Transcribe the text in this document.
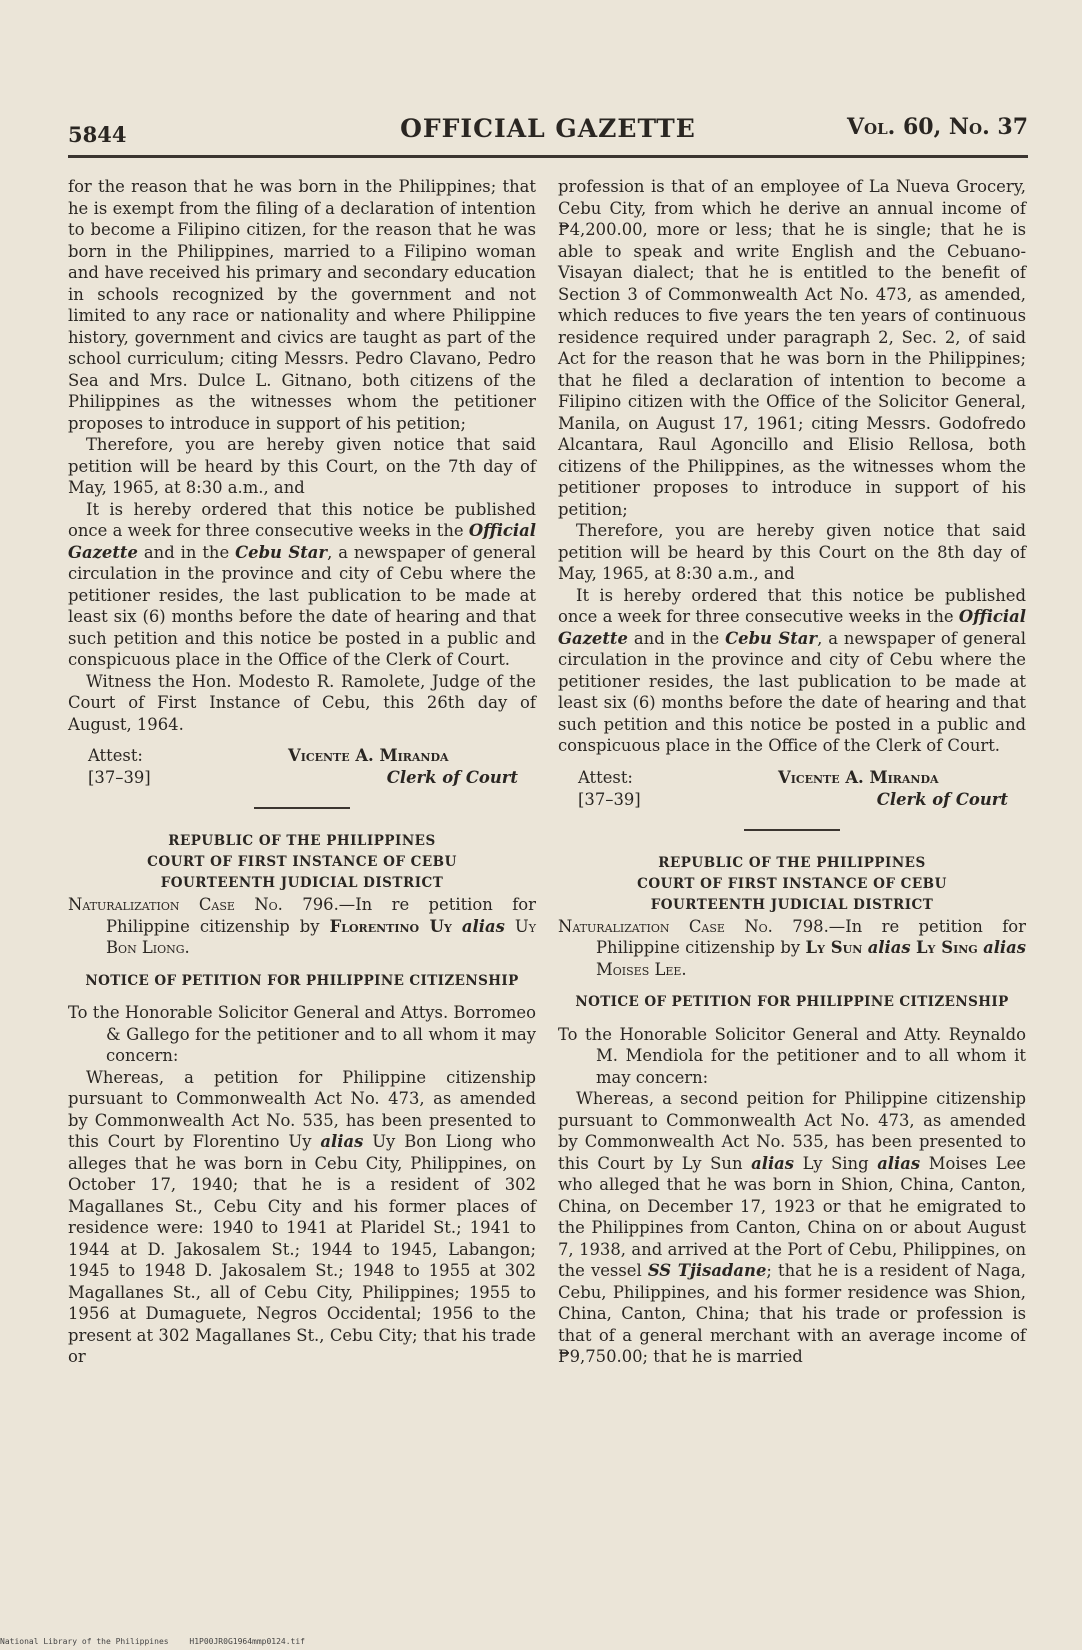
5844	OFFICIAL GAZETTE	Vol. 60, No. 37

for the reason that he was born in the Philippines; that he is exempt from the filing of a declaration of intention to become a Filipino citizen, for the reason that he was born in the Philippines, married to a Filipino woman and have received his primary and secondary education in schools recognized by the government and not limited to any race or nationality and where Philippine history, government and civics are taught as part of the school curriculum; citing Messrs. Pedro Clavano, Pedro Sea and Mrs. Dulce L. Gitnano, both citizens of the Philippines as the witnesses whom the petitioner proposes to introduce in support of his petition;

Therefore, you are hereby given notice that said petition will be heard by this Court, on the 7th day of May, 1965, at 8:30 a.m., and

It is hereby ordered that this notice be published once a week for three consecutive weeks in the Official Gazette and in the Cebu Star, a newspaper of general circulation in the province and city of Cebu where the petitioner resides, the last publication to be made at least six (6) months before the date of hearing and that such petition and this notice be posted in a public and conspicuous place in the Office of the Clerk of Court.

Witness the Hon. Modesto R. Ramolete, Judge of the Court of First Instance of Cebu, this 26th day of August, 1964.

Attest:
[37–39]
Vicente A. Miranda
Clerk of Court
REPUBLIC OF THE PHILIPPINES
COURT OF FIRST INSTANCE OF CEBU
FOURTEENTH JUDICIAL DISTRICT

Naturalization Case No. 796.—In re petition for Philippine citizenship by Florentino Uy alias Uy Bon Liong.

NOTICE OF PETITION FOR PHILIPPINE CITIZENSHIP

To the Honorable Solicitor General and Attys. Borromeo & Gallego for the petitioner and to all whom it may concern:

Whereas, a petition for Philippine citizenship pursuant to Commonwealth Act No. 473, as amended by Commonwealth Act No. 535, has been presented to this Court by Florentino Uy alias Uy Bon Liong who alleges that he was born in Cebu City, Philippines, on October 17, 1940; that he is a resident of 302 Magallanes St., Cebu City and his former places of residence were: 1940 to 1941 at Plaridel St.; 1941 to 1944 at D. Jakosalem St.; 1944 to 1945, Labangon; 1945 to 1948 D. Jakosalem St.; 1948 to 1955 at 302 Magallanes St., all of Cebu City, Philippines; 1955 to 1956 at Dumaguete, Negros Occidental; 1956 to the present at 302 Magallanes St., Cebu City; that his trade or

profession is that of an employee of La Nueva Grocery, Cebu City, from which he derive an annual income of ₱4,200.00, more or less; that he is single; that he is able to speak and write English and the Cebuano-Visayan dialect; that he is entitled to the benefit of Section 3 of Commonwealth Act No. 473, as amended, which reduces to five years the ten years of continuous residence required under paragraph 2, Sec. 2, of said Act for the reason that he was born in the Philippines; that he filed a declaration of intention to become a Filipino citizen with the Office of the Solicitor General, Manila, on August 17, 1961; citing Messrs. Godofredo Alcantara, Raul Agoncillo and Elisio Rellosa, both citizens of the Philippines, as the witnesses whom the petitioner proposes to introduce in support of his petition;

Therefore, you are hereby given notice that said petition will be heard by this Court on the 8th day of May, 1965, at 8:30 a.m., and

It is hereby ordered that this notice be published once a week for three consecutive weeks in the Official Gazette and in the Cebu Star, a newspaper of general circulation in the province and city of Cebu where the petitioner resides, the last publication to be made at least six (6) months before the date of hearing and that such petition and this notice be posted in a public and conspicuous place in the Office of the Clerk of Court.

Attest:
[37–39]
Vicente A. Miranda
Clerk of Court
REPUBLIC OF THE PHILIPPINES
COURT OF FIRST INSTANCE OF CEBU
FOURTEENTH JUDICIAL DISTRICT

Naturalization Case No. 798.—In re petition for Philippine citizenship by Ly Sun alias Ly Sing alias Moises Lee.

NOTICE OF PETITION FOR PHILIPPINE CITIZENSHIP

To the Honorable Solicitor General and Atty. Reynaldo M. Mendiola for the petitioner and to all whom it may concern:

Whereas, a second peition for Philippine citizenship pursuant to Commonwealth Act No. 473, as amended by Commonwealth Act No. 535, has been presented to this Court by Ly Sun alias Ly Sing alias Moises Lee who alleged that he was born in Shion, China, Canton, China, on December 17, 1923 or that he emigrated to the Philippines from Canton, China on or about August 7, 1938, and arrived at the Port of Cebu, Philippines, on the vessel SS Tjisadane; that he is a resident of Naga, Cebu, Philippines, and his former residence was Shion, China, Canton, China; that his trade or profession is that of a general merchant with an average income of ₱9,750.00; that he is married

National Library of the Philippines	H1P00JR0G1964mmp0124.tif
